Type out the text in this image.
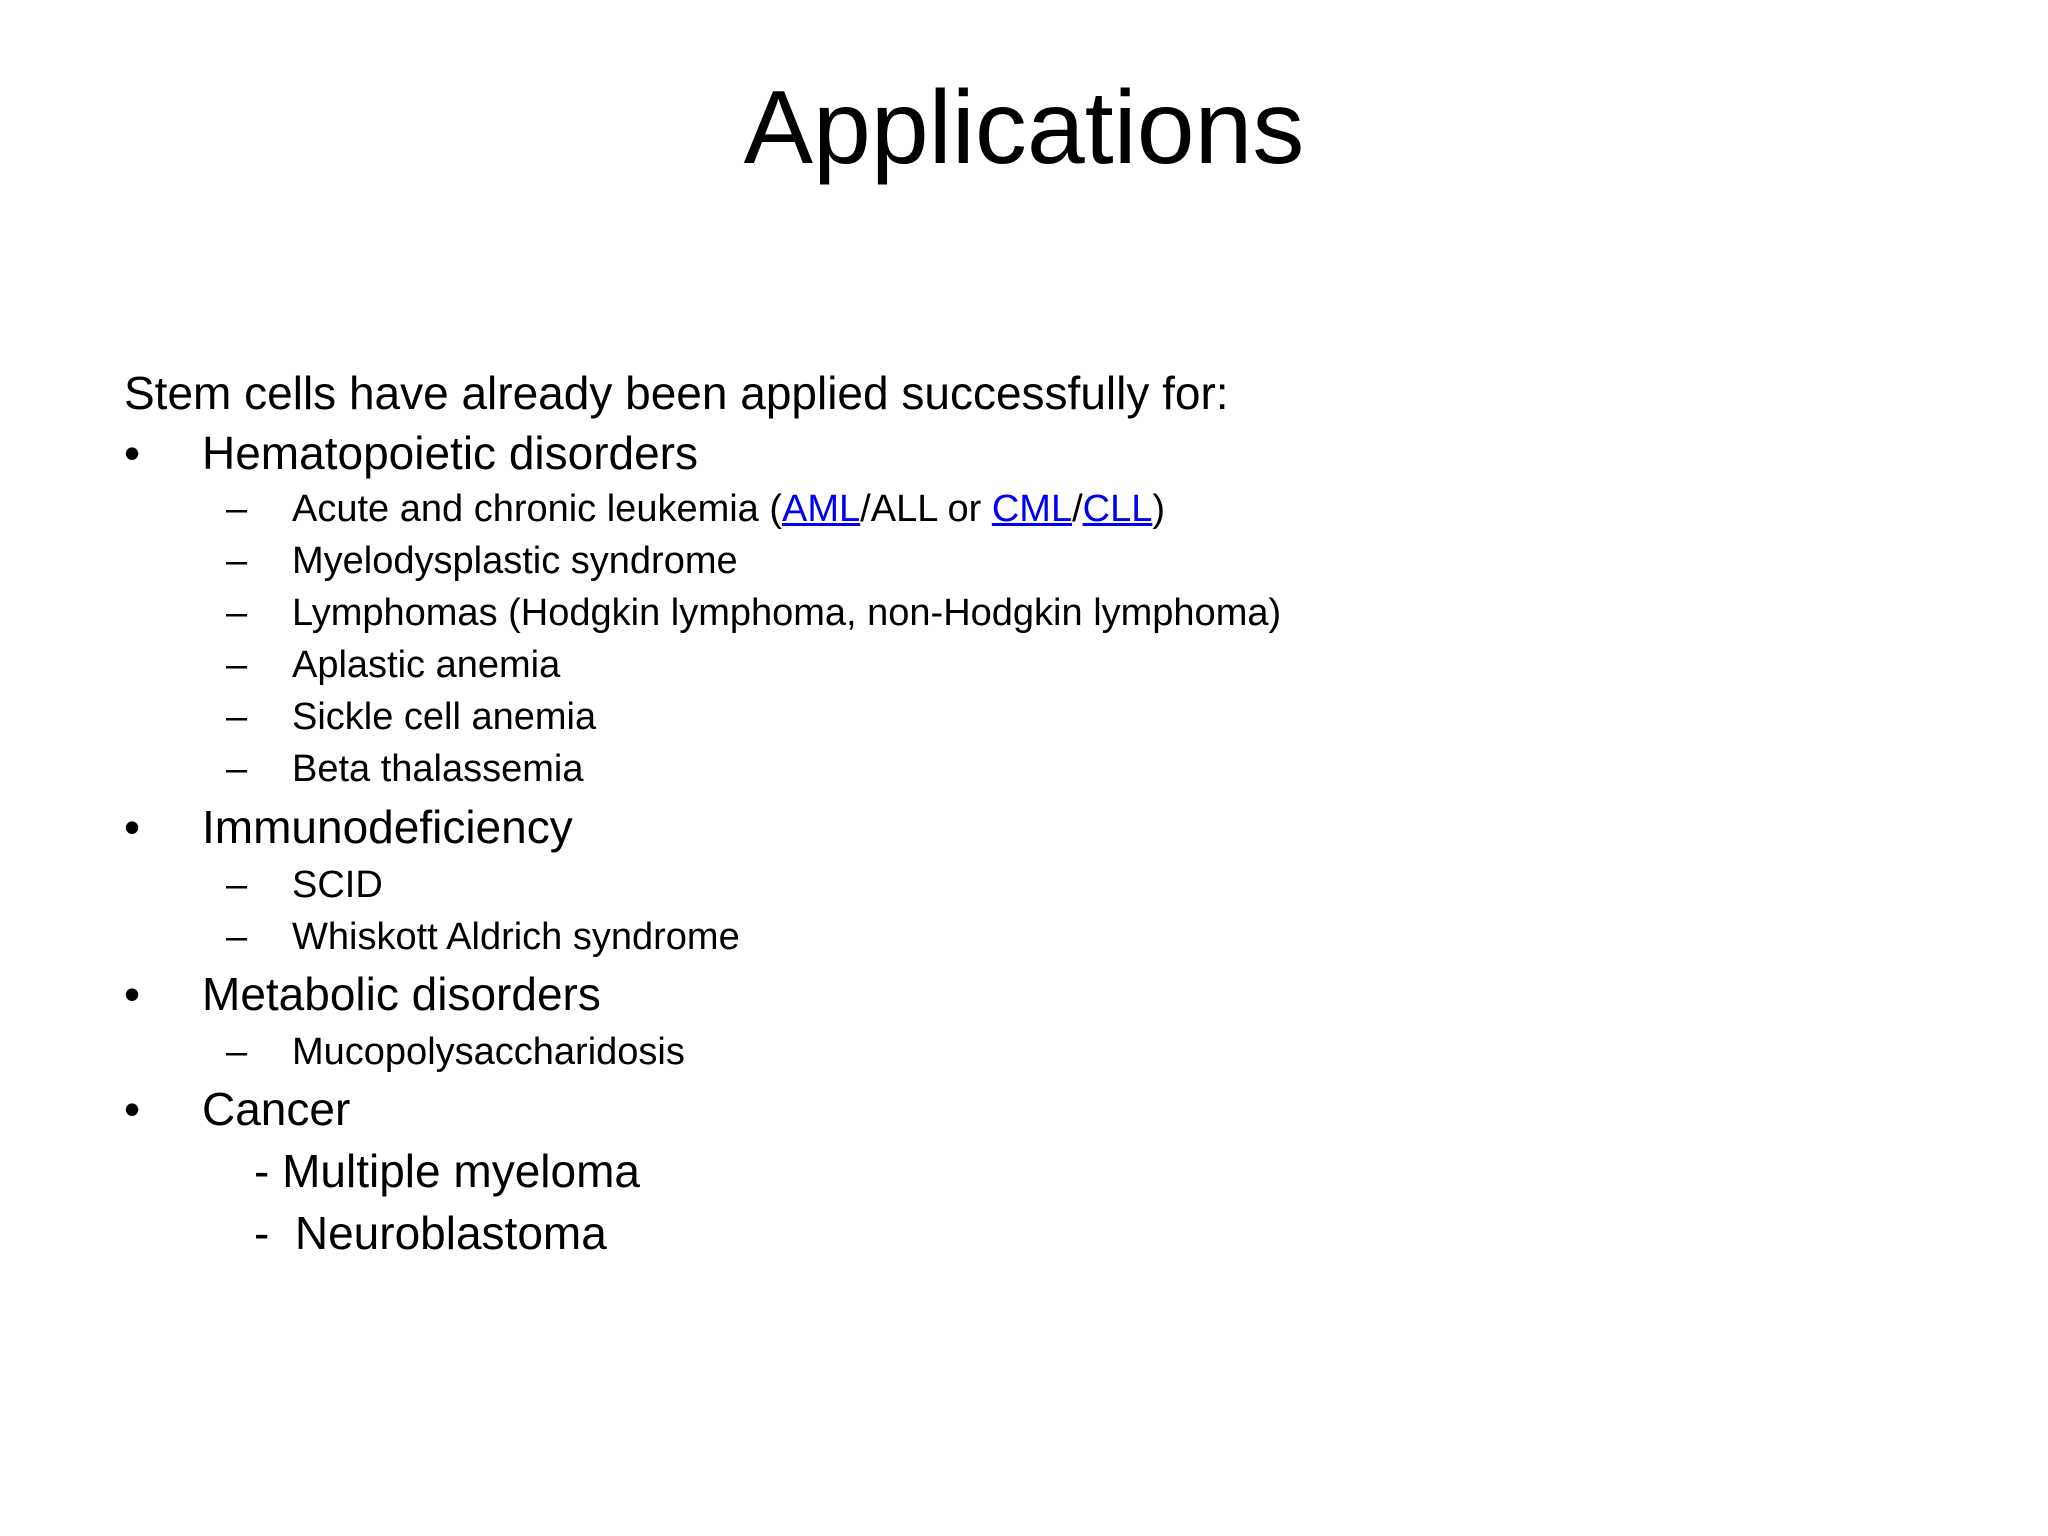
Applications
Stem cells have already been applied successfully for:
• Hematopoietic disorders
– Acute and chronic leukemia (AML/ALL or CML/CLL)
– Myelodysplastic syndrome
– Lymphomas (Hodgkin lymphoma, non-Hodgkin lymphoma)
– Aplastic anemia
– Sickle cell anemia
– Beta thalassemia
• Immunodeficiency
– SCID
– Whiskott Aldrich syndrome
• Metabolic disorders
– Mucopolysaccharidosis
• Cancer
- Multiple myeloma
-  Neuroblastoma
